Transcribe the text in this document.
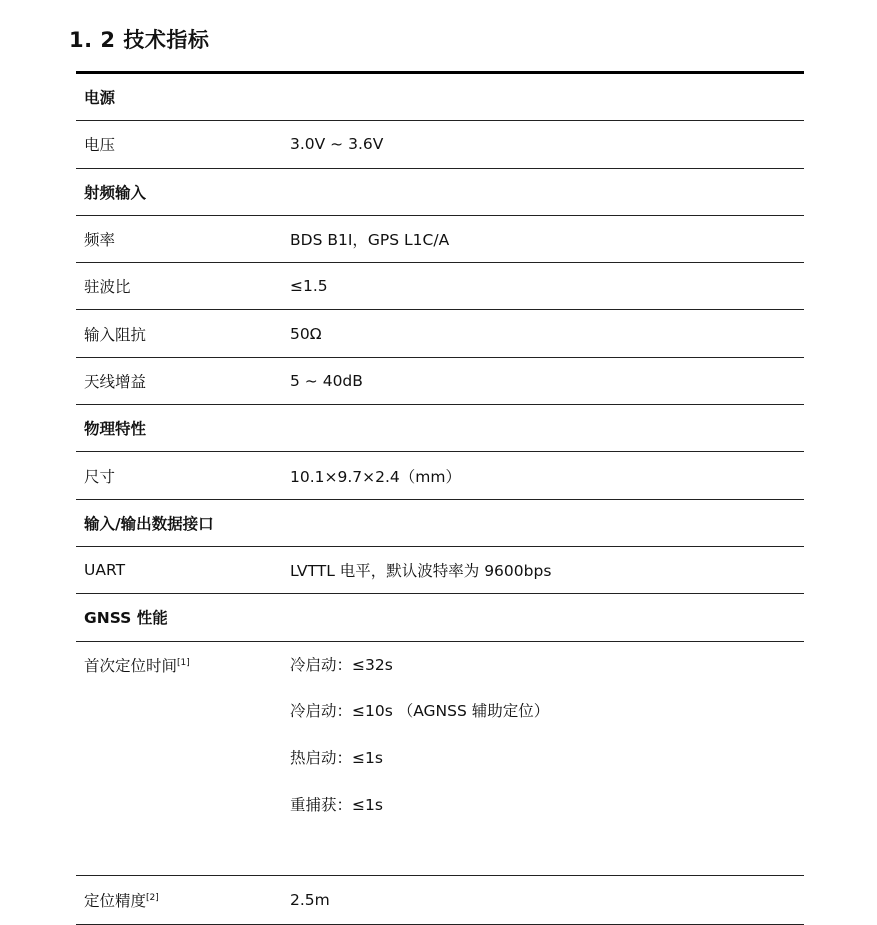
1. 2 技术指标
电源
电压	3.0V ~ 3.6V
射频输入
频率	BDS B1I，GPS L1C/A
驻波比	≤1.5
输入阻抗	50Ω
天线增益	5 ~ 40dB
物理特性
尺寸	10.1×9.7×2.4（mm）
输入/输出数据接口
UART	LVTTL 电平，默认波特率为 9600bps
GNSS 性能
首次定位时间[1]	冷启动：≤32s
冷启动：≤10s （AGNSS 辅助定位）
热启动：≤1s
重捕获：≤1s
定位精度[2]	2.5m
